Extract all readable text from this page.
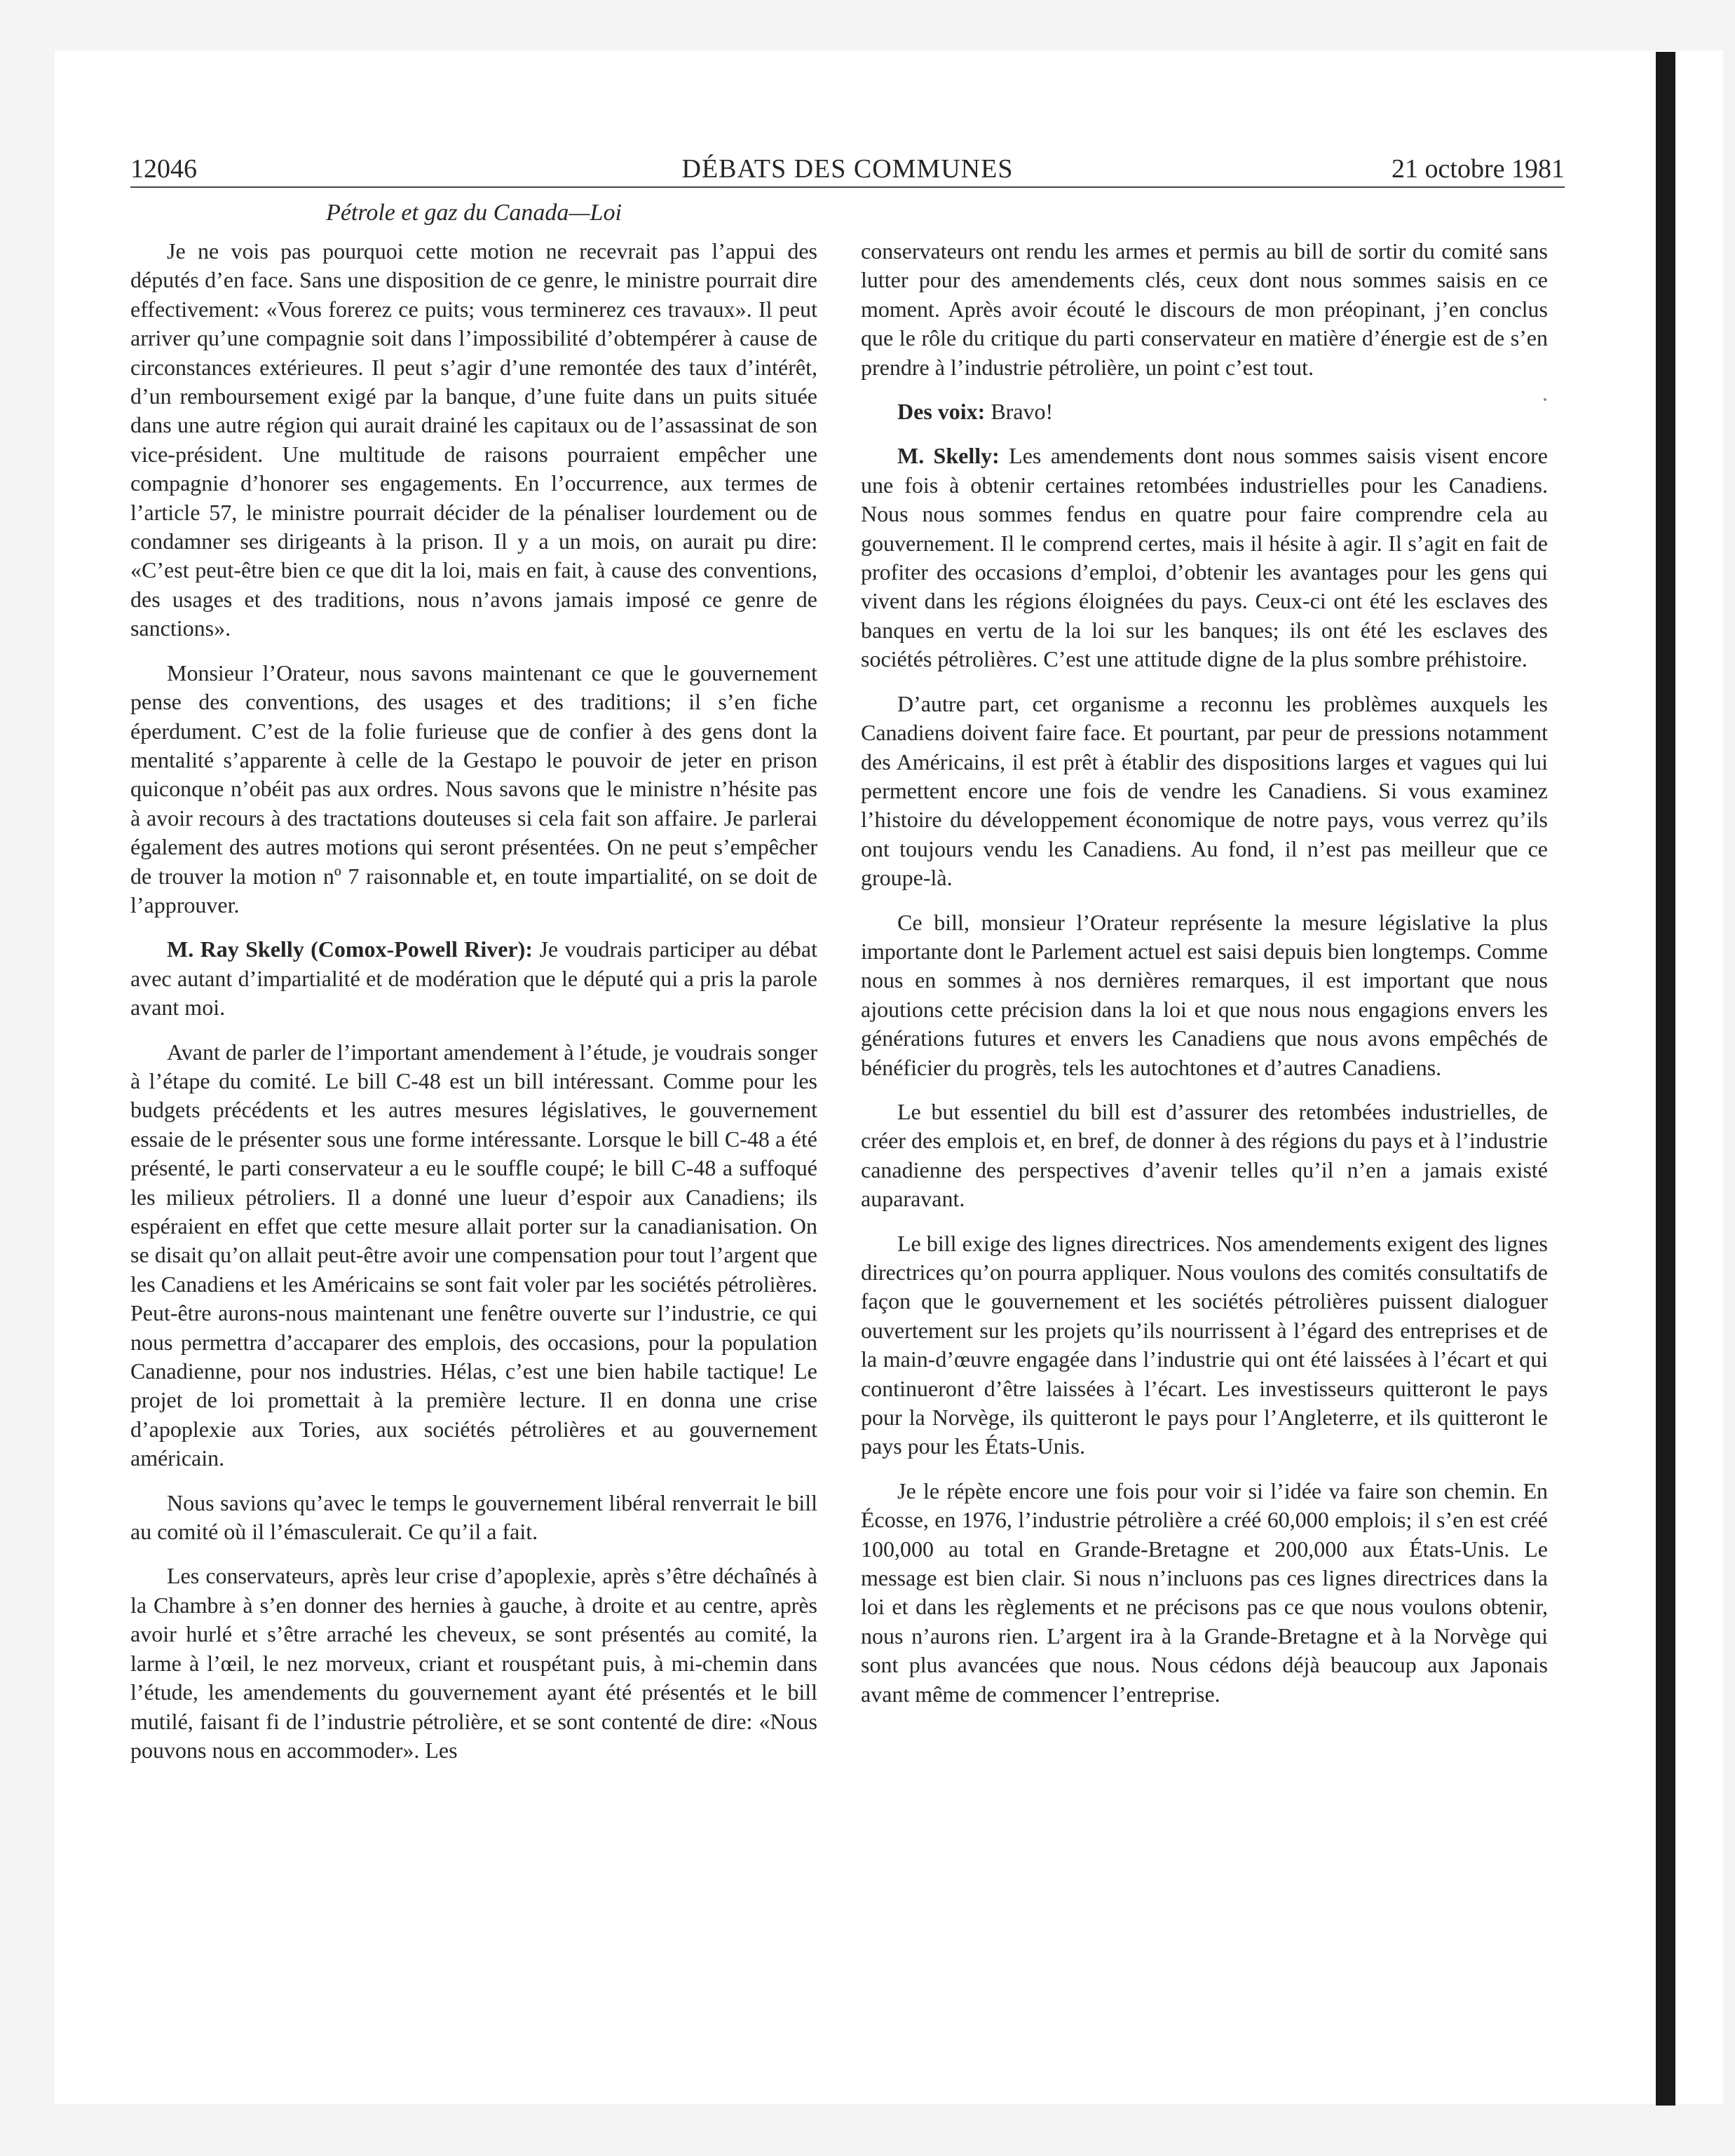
12046	DÉBATS DES COMMUNES	21 octobre 1981
Pétrole et gaz du Canada—Loi

Je ne vois pas pourquoi cette motion ne recevrait pas l’appui des députés d’en face. Sans une disposition de ce genre, le ministre pourrait dire effectivement: «Vous forerez ce puits; vous terminerez ces travaux». Il peut arriver qu’une compagnie soit dans l’impossibilité d’obtempérer à cause de circonstances extérieures. Il peut s’agir d’une remontée des taux d’intérêt, d’un remboursement exigé par la banque, d’une fuite dans un puits située dans une autre région qui aurait drainé les capitaux ou de l’assassinat de son vice-président. Une multitude de raisons pourraient empêcher une compagnie d’honorer ses engagements. En l’occurrence, aux termes de l’article 57, le ministre pourrait décider de la pénaliser lourdement ou de condamner ses dirigeants à la prison. Il y a un mois, on aurait pu dire: «C’est peut-être bien ce que dit la loi, mais en fait, à cause des conventions, des usages et des traditions, nous n’avons jamais imposé ce genre de sanctions».

Monsieur l’Orateur, nous savons maintenant ce que le gouvernement pense des conventions, des usages et des traditions; il s’en fiche éperdument. C’est de la folie furieuse que de confier à des gens dont la mentalité s’apparente à celle de la Gestapo le pouvoir de jeter en prison quiconque n’obéit pas aux ordres. Nous savons que le ministre n’hésite pas à avoir recours à des tractations douteuses si cela fait son affaire. Je parlerai également des autres motions qui seront présentées. On ne peut s’empêcher de trouver la motion nº 7 raisonnable et, en toute impartialité, on se doit de l’approuver.

M. Ray Skelly (Comox-Powell River): Je voudrais participer au débat avec autant d’impartialité et de modération que le député qui a pris la parole avant moi.

Avant de parler de l’important amendement à l’étude, je voudrais songer à l’étape du comité. Le bill C-48 est un bill intéressant. Comme pour les budgets précédents et les autres mesures législatives, le gouvernement essaie de le présenter sous une forme intéressante. Lorsque le bill C-48 a été présenté, le parti conservateur a eu le souffle coupé; le bill C-48 a suffoqué les milieux pétroliers. Il a donné une lueur d’espoir aux Canadiens; ils espéraient en effet que cette mesure allait porter sur la canadianisation. On se disait qu’on allait peut-être avoir une compensation pour tout l’argent que les Canadiens et les Américains se sont fait voler par les sociétés pétrolières. Peut-être aurons-nous maintenant une fenêtre ouverte sur l’industrie, ce qui nous permettra d’accaparer des emplois, des occasions, pour la population Canadienne, pour nos industries. Hélas, c’est une bien habile tactique! Le projet de loi promettait à la première lecture. Il en donna une crise d’apoplexie aux Tories, aux sociétés pétrolières et au gouvernement américain.

Nous savions qu’avec le temps le gouvernement libéral renverrait le bill au comité où il l’émasculerait. Ce qu’il a fait.

Les conservateurs, après leur crise d’apoplexie, après s’être déchaînés à la Chambre à s’en donner des hernies à gauche, à droite et au centre, après avoir hurlé et s’être arraché les cheveux, se sont présentés au comité, la larme à l’œil, le nez morveux, criant et rouspétant puis, à mi-chemin dans l’étude, les amendements du gouvernement ayant été présentés et le bill mutilé, faisant fi de l’industrie pétrolière, et se sont contenté de dire: «Nous pouvons nous en accommoder». Les

conservateurs ont rendu les armes et permis au bill de sortir du comité sans lutter pour des amendements clés, ceux dont nous sommes saisis en ce moment. Après avoir écouté le discours de mon préopinant, j’en conclus que le rôle du critique du parti conservateur en matière d’énergie est de s’en prendre à l’industrie pétrolière, un point c’est tout.

Des voix: Bravo!

M. Skelly: Les amendements dont nous sommes saisis visent encore une fois à obtenir certaines retombées industrielles pour les Canadiens. Nous nous sommes fendus en quatre pour faire comprendre cela au gouvernement. Il le comprend certes, mais il hésite à agir. Il s’agit en fait de profiter des occasions d’emploi, d’obtenir les avantages pour les gens qui vivent dans les régions éloignées du pays. Ceux-ci ont été les esclaves des banques en vertu de la loi sur les banques; ils ont été les esclaves des sociétés pétrolières. C’est une attitude digne de la plus sombre préhistoire.

D’autre part, cet organisme a reconnu les problèmes auxquels les Canadiens doivent faire face. Et pourtant, par peur de pressions notamment des Américains, il est prêt à établir des dispositions larges et vagues qui lui permettent encore une fois de vendre les Canadiens. Si vous examinez l’histoire du développement économique de notre pays, vous verrez qu’ils ont toujours vendu les Canadiens. Au fond, il n’est pas meilleur que ce groupe-là.

Ce bill, monsieur l’Orateur représente la mesure législative la plus importante dont le Parlement actuel est saisi depuis bien longtemps. Comme nous en sommes à nos dernières remarques, il est important que nous ajoutions cette précision dans la loi et que nous nous engagions envers les générations futures et envers les Canadiens que nous avons empêchés de bénéficier du progrès, tels les autochtones et d’autres Canadiens.

Le but essentiel du bill est d’assurer des retombées industrielles, de créer des emplois et, en bref, de donner à des régions du pays et à l’industrie canadienne des perspectives d’avenir telles qu’il n’en a jamais existé auparavant.

Le bill exige des lignes directrices. Nos amendements exigent des lignes directrices qu’on pourra appliquer. Nous voulons des comités consultatifs de façon que le gouvernement et les sociétés pétrolières puissent dialoguer ouvertement sur les projets qu’ils nourrissent à l’égard des entreprises et de la main-d’œuvre engagée dans l’industrie qui ont été laissées à l’écart et qui continueront d’être laissées à l’écart. Les investisseurs quitteront le pays pour la Norvège, ils quitteront le pays pour l’Angleterre, et ils quitteront le pays pour les États-Unis.

Je le répète encore une fois pour voir si l’idée va faire son chemin. En Écosse, en 1976, l’industrie pétrolière a créé 60,000 emplois; il s’en est créé 100,000 au total en Grande-Bretagne et 200,000 aux États-Unis. Le message est bien clair. Si nous n’incluons pas ces lignes directrices dans la loi et dans les règlements et ne précisons pas ce que nous voulons obtenir, nous n’aurons rien. L’argent ira à la Grande-Bretagne et à la Norvège qui sont plus avancées que nous. Nous cédons déjà beaucoup aux Japonais avant même de commencer l’entreprise.
